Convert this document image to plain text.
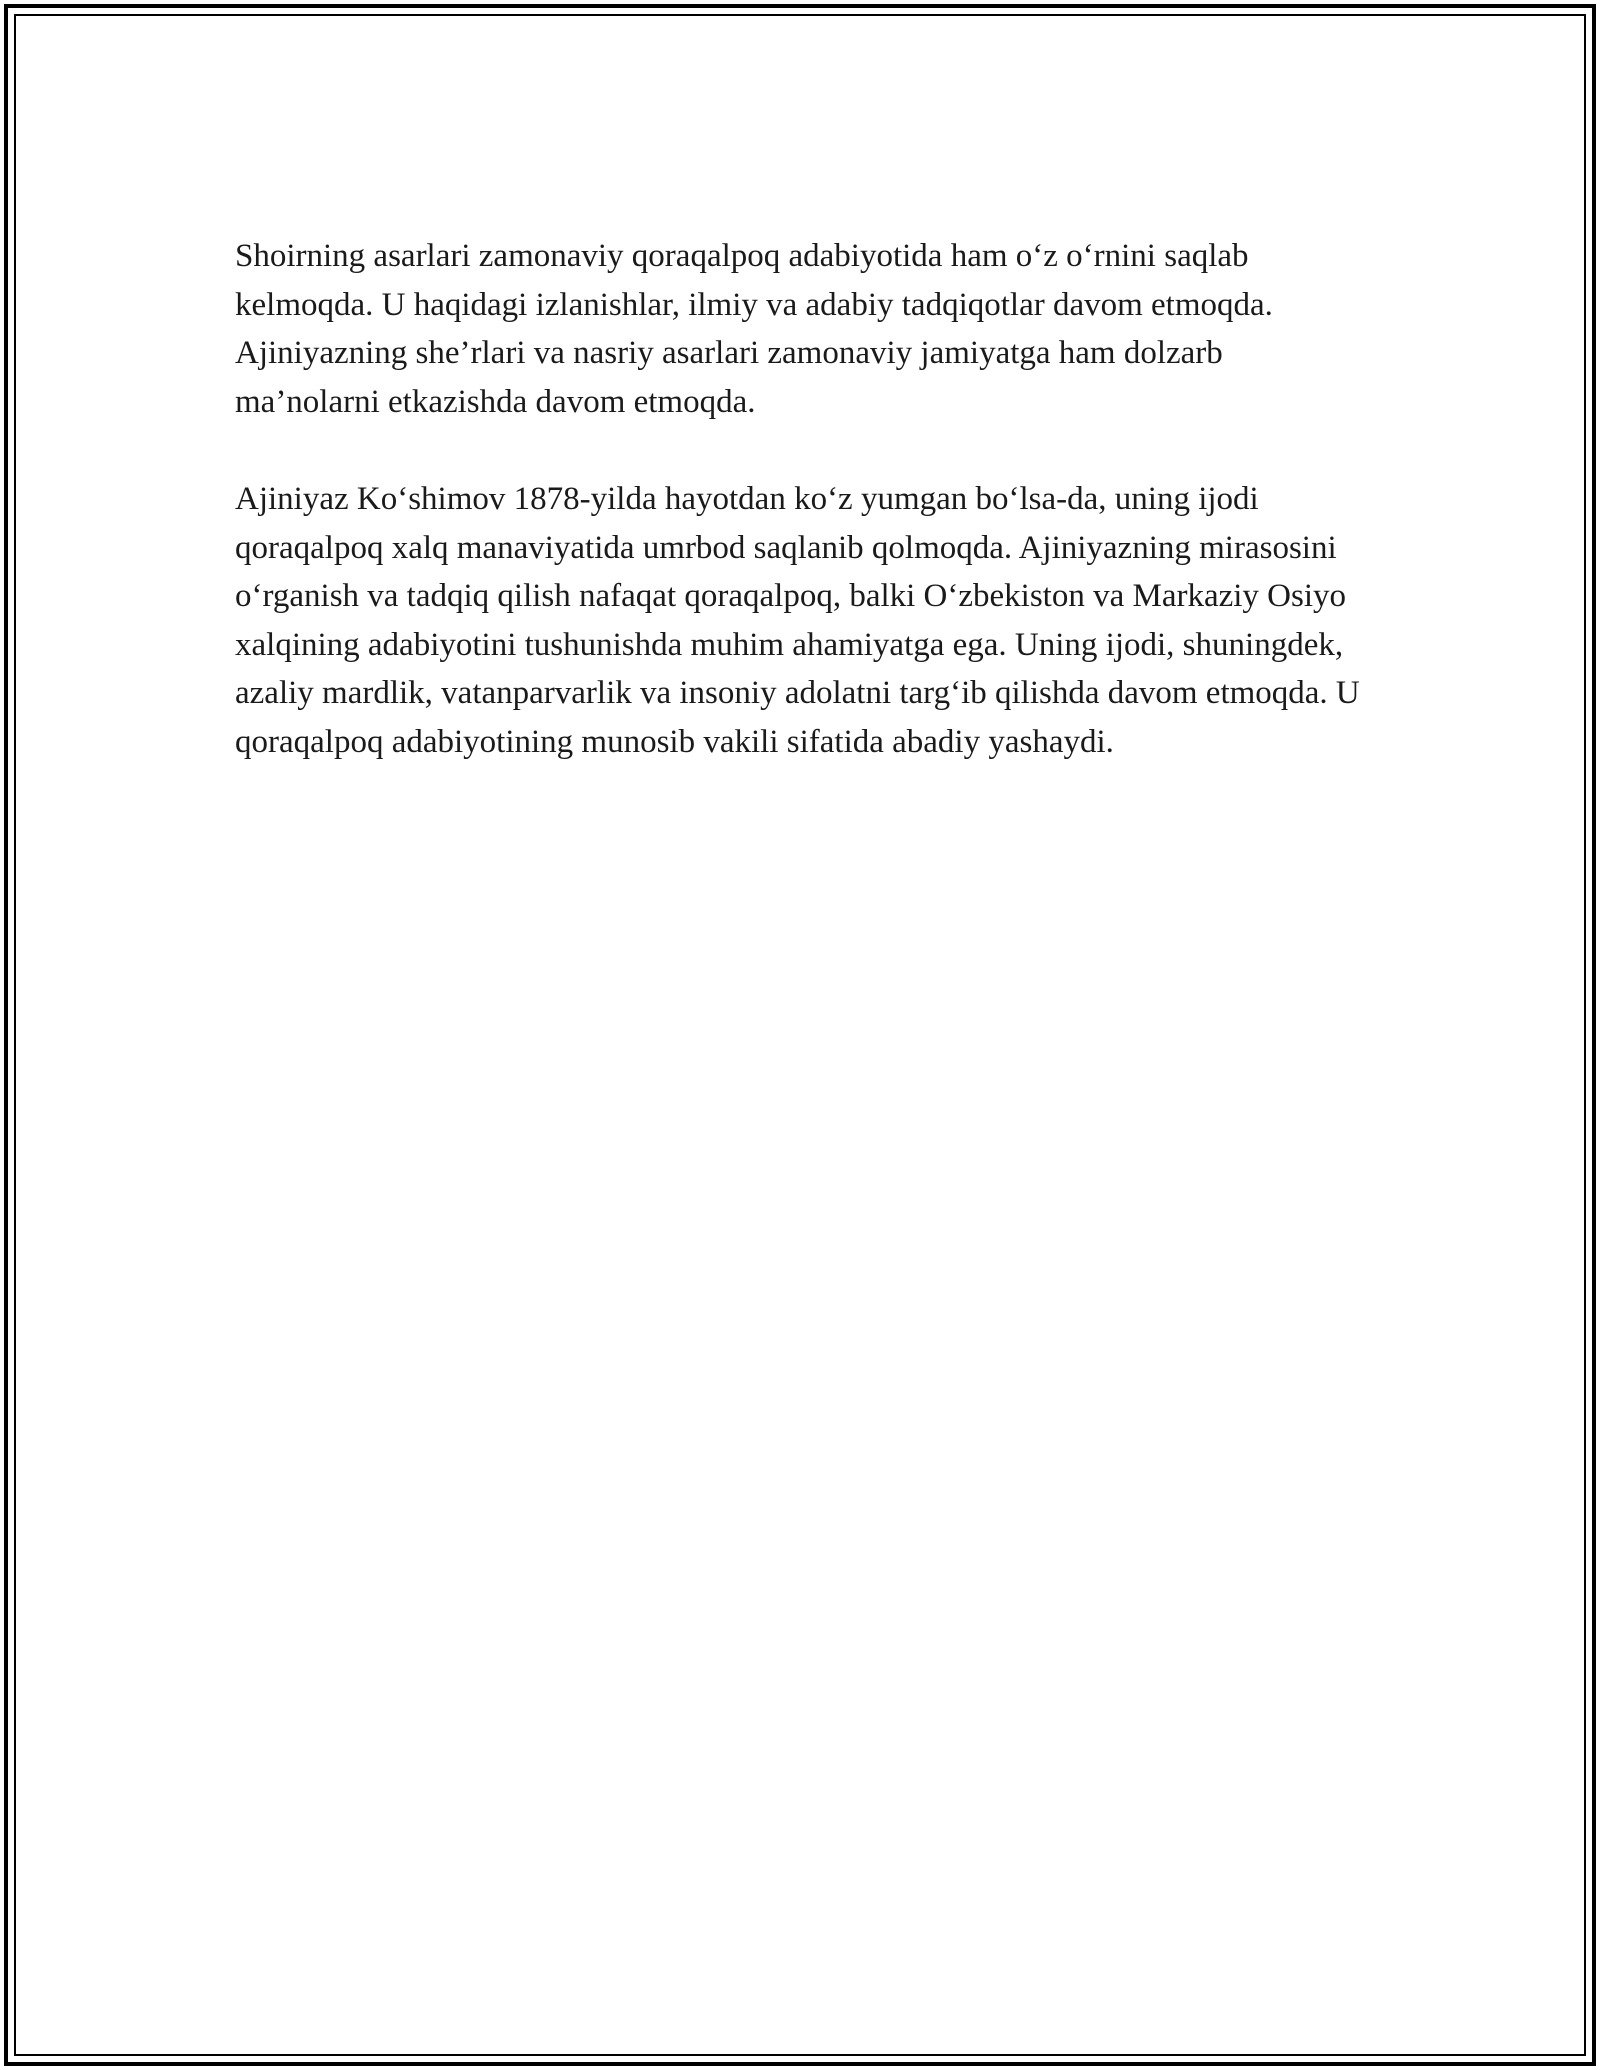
Shoirning asarlari zamonaviy qoraqalpoq adabiyotida ham oʻz oʻrnini saqlab kelmoqda. U haqidagi izlanishlar, ilmiy va adabiy tadqiqotlar davom etmoqda. Ajiniyazning she’rlari va nasriy asarlari zamonaviy jamiyatga ham dolzarb ma’nolarni etkazishda davom etmoqda.

Ajiniyaz Koʻshimov 1878-yilda hayotdan koʻz yumgan boʻlsa-da, uning ijodi qoraqalpoq xalq manaviyatida umrbod saqlanib qolmoqda. Ajiniyazning mirasosini oʻrganish va tadqiq qilish nafaqat qoraqalpoq, balki Oʻzbekiston va Markaziy Osiyo xalqining adabiyotini tushunishda muhim ahamiyatga ega. Uning ijodi, shuningdek, azaliy mardlik, vatanparvarlik va insoniy adolatni targʻib qilishda davom etmoqda. U qoraqalpoq adabiyotining munosib vakili sifatida abadiy yashaydi.
